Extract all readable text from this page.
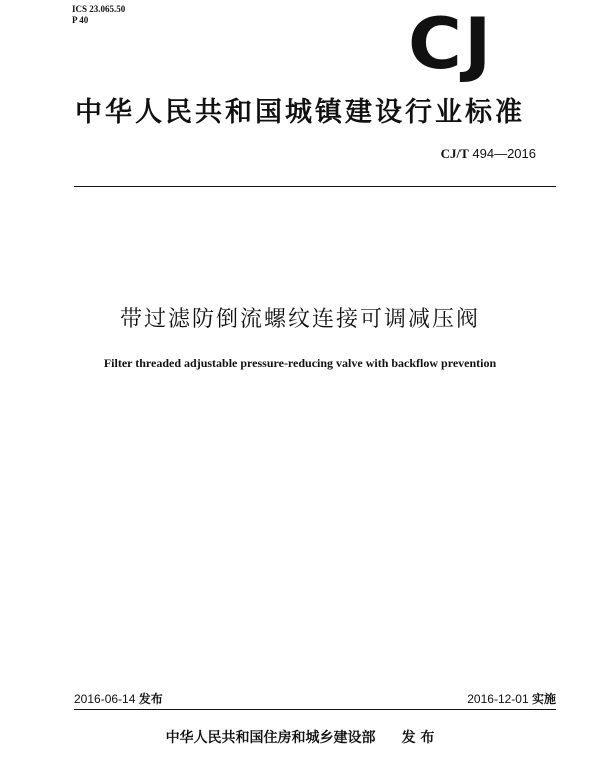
ICS 23.065.50
P 40	CJ
中华人民共和国城镇建设行业标准
CJ/T 494—2016
带过滤防倒流螺纹连接可调减压阀
Filter threaded adjustable pressure-reducing valve with backflow prevention
2016-06-14 发布	2016-12-01 实施
中华人民共和国住房和城乡建设部 发 布
